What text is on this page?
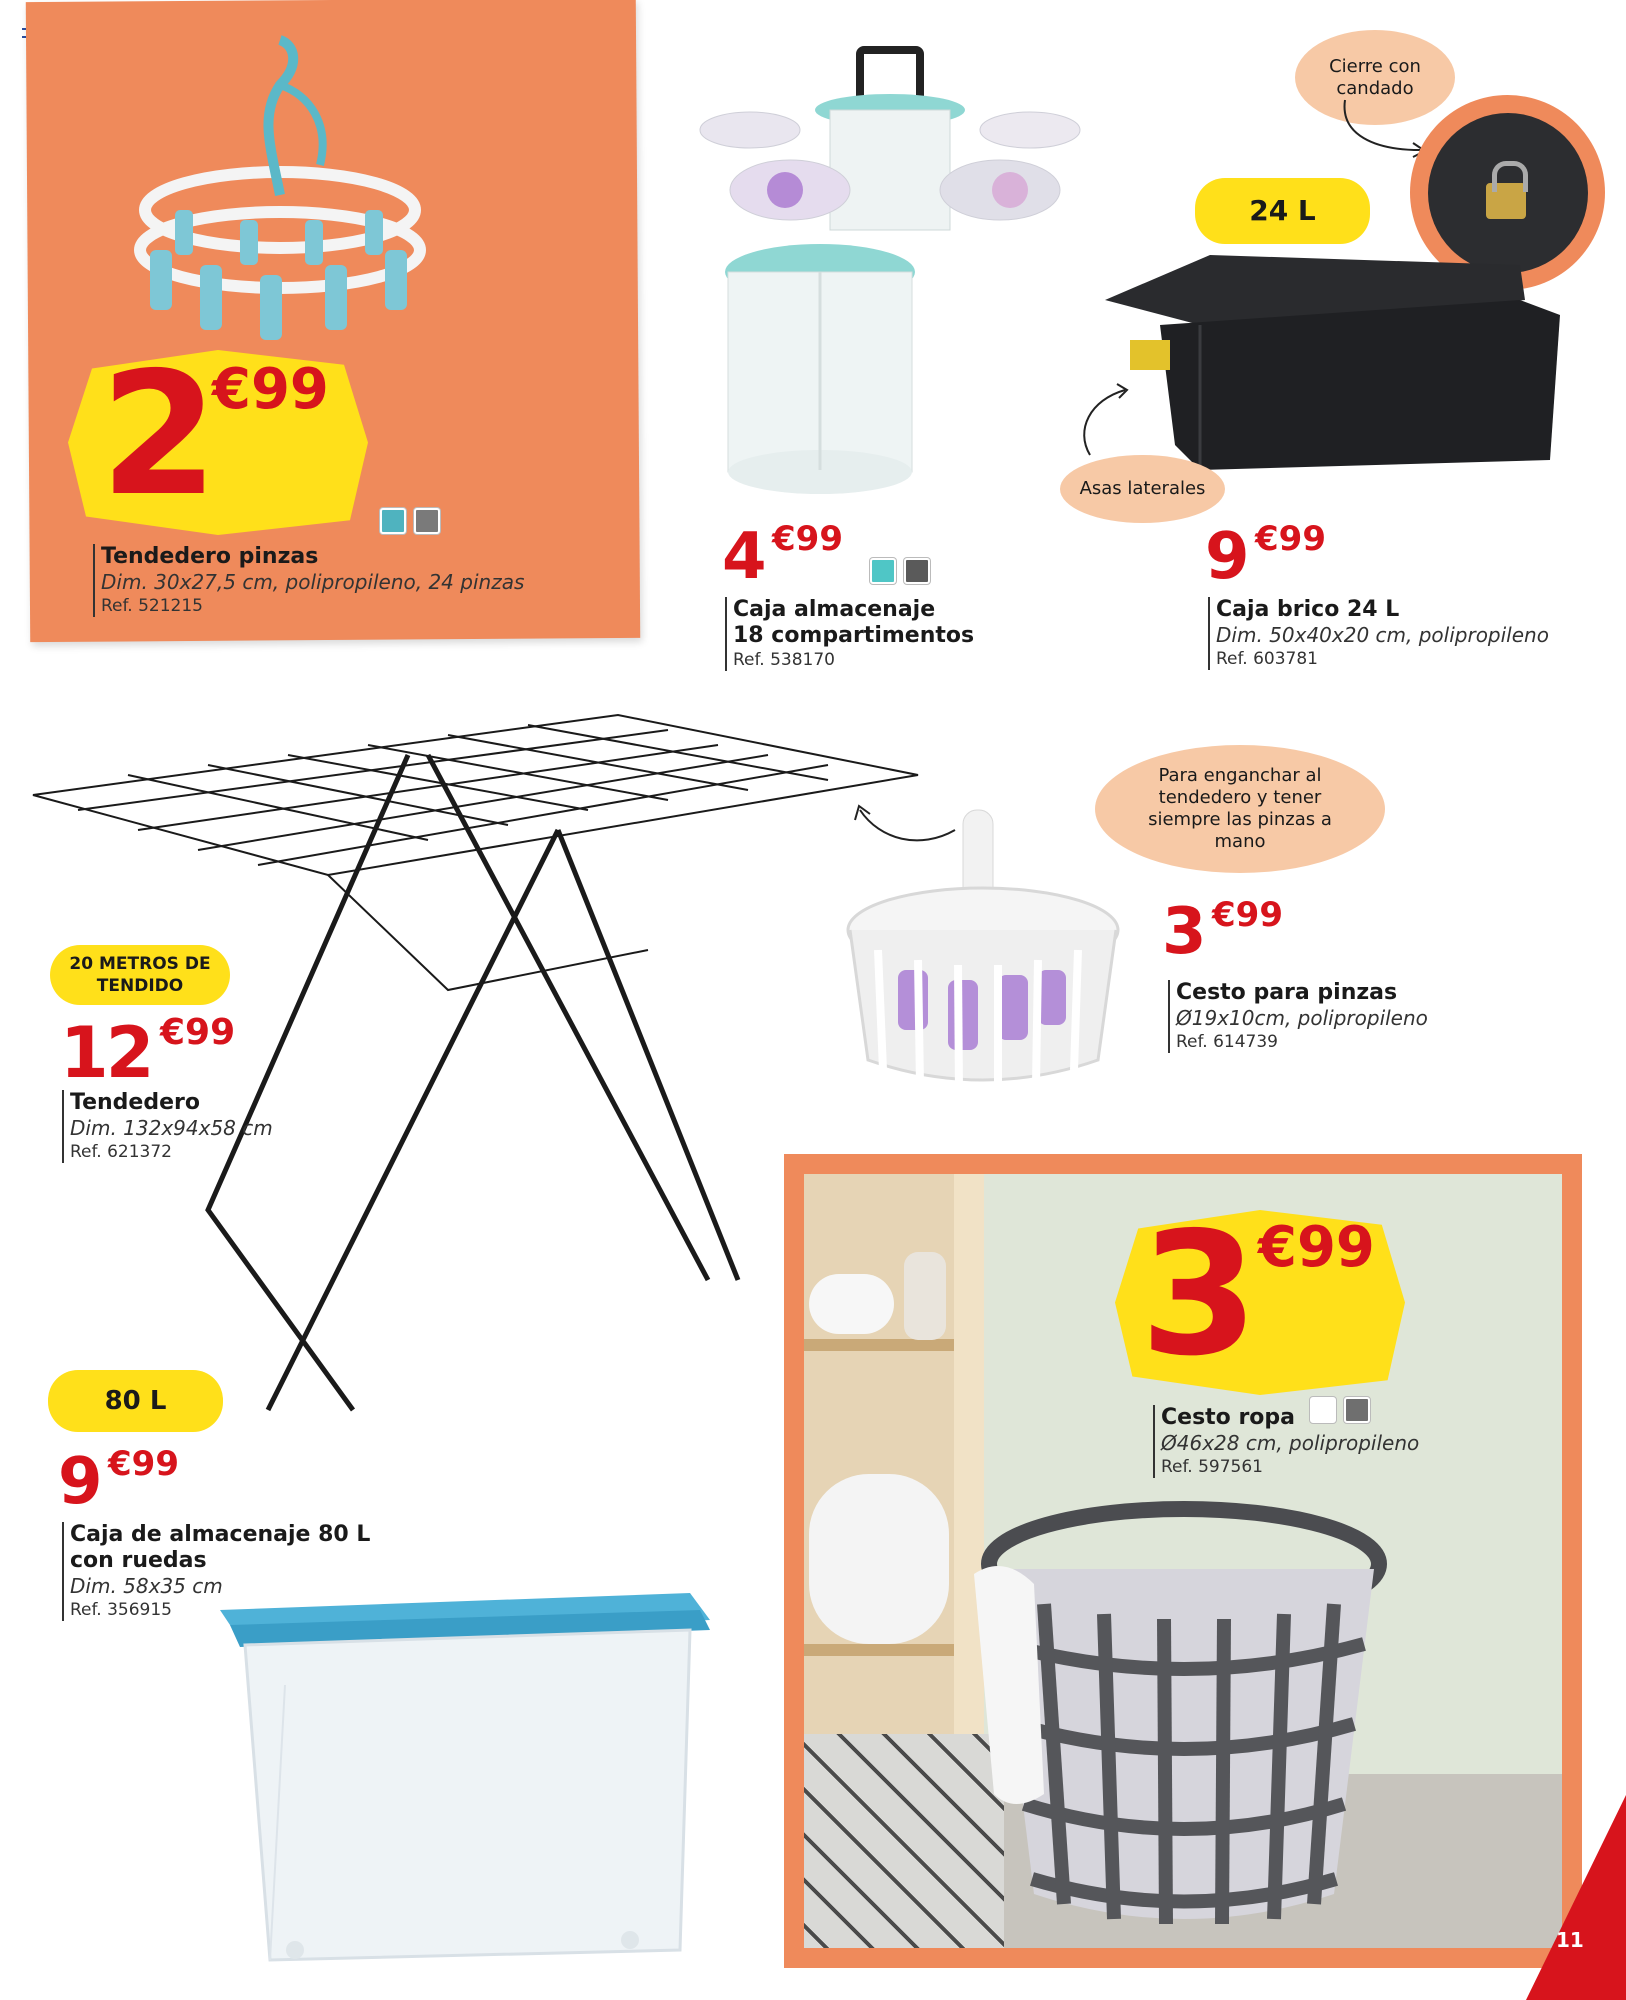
2
€99
Tendedero pinzas
Dim. 30x27,5 cm, polipropileno, 24 pinzas
Ref. 521215
4 €99
Caja almacenaje
18 compartimentos
Ref. 538170
Cierre con candado
24 L
Asas laterales
9 €99
Caja brico 24 L
Dim. 50x40x20 cm, polipropileno
Ref. 603781
20 METROS DE TENDIDO
12 €99
Tendedero
Dim. 132x94x58 cm
Ref. 621372
Para enganchar al tendedero y tener siempre las pinzas a mano
3 €99
Cesto para pinzas
Ø19x10cm, polipropileno
Ref. 614739
80 L
9 €99
Caja de almacenaje 80 L
con ruedas
Dim. 58x35 cm
Ref. 356915
3 €99
Cesto ropa
Ø46x28 cm, polipropileno
Ref. 597561
11
